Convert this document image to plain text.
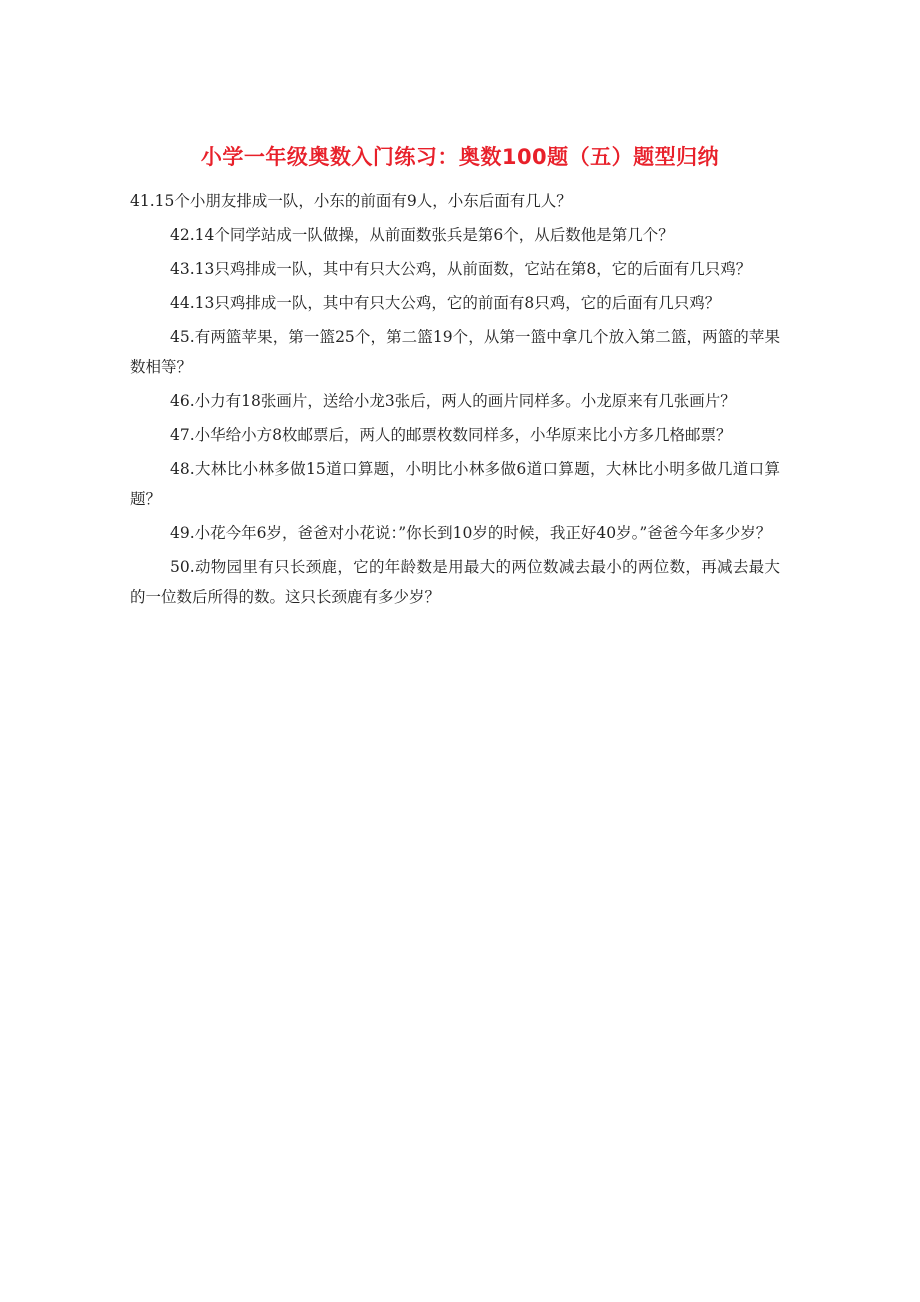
小学一年级奥数入门练习：奥数100题（五）题型归纳

41.15个小朋友排成一队，小东的前面有9人，小东后面有几人？

42.14个同学站成一队做操，从前面数张兵是第6个，从后数他是第几个？

43.13只鸡排成一队，其中有只大公鸡，从前面数，它站在第8，它的后面有几只鸡？

44.13只鸡排成一队，其中有只大公鸡，它的前面有8只鸡，它的后面有几只鸡？

45.有两篮苹果，第一篮25个，第二篮19个，从第一篮中拿几个放入第二篮，两篮的苹果数相等？

46.小力有18张画片，送给小龙3张后，两人的画片同样多。小龙原来有几张画片？

47.小华给小方8枚邮票后，两人的邮票枚数同样多，小华原来比小方多几格邮票？

48.大林比小林多做15道口算题，小明比小林多做6道口算题，大林比小明多做几道口算题？

49.小花今年6岁，爸爸对小花说：”你长到10岁的时候，我正好40岁。”爸爸今年多少岁？

50.动物园里有只长颈鹿，它的年龄数是用最大的两位数减去最小的两位数，再减去最大的一位数后所得的数。这只长颈鹿有多少岁？
